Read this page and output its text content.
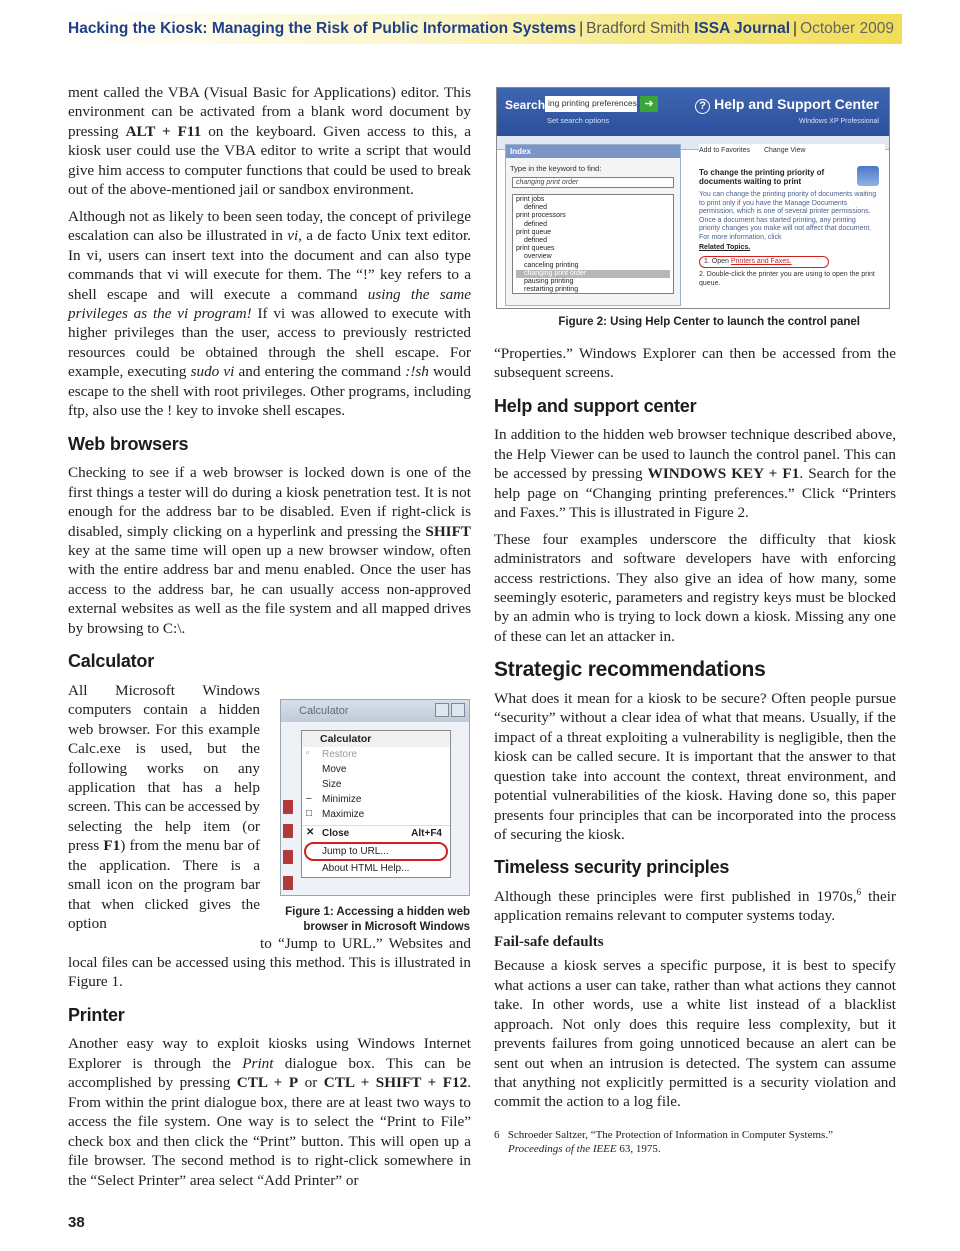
Hacking the Kiosk: Managing the Risk of Public Information Systems | Bradford Smith ISSA Journal | October 2009

ment called the VBA (Visual Basic for Applications) editor. This environment can be activated from a blank word document by pressing ALT + F11 on the keyboard. Given access to this, a kiosk user could use the VBA editor to write a script that would give him access to computer functions that could be used to break out of the above-mentioned jail or sandbox environment.

Although not as likely to been seen today, the concept of privilege escalation can also be illustrated in vi, a de facto Unix text editor. In vi, users can insert text into the document and can also type commands that vi will execute for them. The “!” key refers to a shell escape and will execute a command using the same privileges as the vi program! If vi was allowed to execute with higher privileges than the user, access to previously restricted resources could be obtained through the shell escape. For example, executing sudo vi and entering the command :!sh would escape to the shell with root privileges. Other programs, including ftp, also use the ! key to invoke shell escapes.

Web browsers

Checking to see if a web browser is locked down is one of the first things a tester will do during a kiosk penetration test. It is not enough for the address bar to be disabled. Even if right-click is disabled, simply clicking on a hyperlink and pressing the SHIFT key at the same time will open up a new browser window, often with the entire address bar and menu enabled. Once the user has access to the address bar, he can usually access non-approved external websites as well as the file system and all mapped drives by browsing to C:\.

Calculator

All Microsoft Windows computers contain a hidden web browser. For this example Calc.exe is used, but the following works on any application that has a help screen. This can be accessed by selecting the help item (or press F1) from the menu bar of the application. There is a small icon on the program bar that when clicked gives the option

to “Jump to URL.” Websites and local files can be accessed using this method. This is illustrated in Figure 1.

Printer

Another easy way to exploit kiosks using Windows Internet Explorer is through the Print dialogue box. This can be accomplished by pressing CTL + P or CTL + SHIFT + F12. From within the print dialogue box, there are at least two ways to access the file system. One way is to select the “Print to File” check box and then click the “Print” button. This will open up a file browser. The second method is to right-click somewhere in the “Select Printer” area select “Add Printer” or

Calculator
Calculator
▫ Restore
Move
Size
– Minimize
□ Maximize
✕ Close	Alt+F4
Jump to URL...
About HTML Help...
Figure 1: Accessing a hidden web browser in Microsoft Windows
Search ing printing preferences ➔
Set search options
? Help and Support Center
Windows XP Professional
Index
Type in the keyword to find:
changing print order
print jobs
defined
print processors
defined
print queue
defined
print queues
overview
canceling printing
changing print order
pausing printing
restarting printing
Add to Favorites Change View
To change the printing priority of documents waiting to print
You can change the printing priority of documents waiting to print only if you have the Manage Documents permission, which is one of several printer permissions. Once a document has started printing, any printing priority changes you make will not affect that document. For more information, click
Related Topics.
1. Open Printers and Faxes.
2. Double-click the printer you are using to open the print queue.
Figure 2: Using Help Center to launch the control panel

“Properties.” Windows Explorer can then be accessed from the subsequent screens.

Help and support center

In addition to the hidden web browser technique described above, the Help Viewer can be used to launch the control panel. This can be accessed by pressing WINDOWS KEY + F1. Search for the help page on “Changing printing preferences.” Click “Printers and Faxes.” This is illustrated in Figure 2.

These four examples underscore the difficulty that kiosk administrators and software developers have with enforcing access restrictions. They also give an idea of how many, some seemingly esoteric, parameters and registry keys must be blocked by an admin who is trying to lock down a kiosk. Missing any one of these can let an attacker in.

Strategic recommendations

What does it mean for a kiosk to be secure? Often people pursue “security” without a clear idea of what that means. Usually, if the impact of a threat exploiting a vulnerability is negligible, then the kiosk can be called secure. It is important that the answer to that question take into account the context, threat environment, and potential vulnerabilities of the kiosk. Having done so, this paper presents four principles that can be incorporated into the process of securing the kiosk.

Timeless security principles

Although these principles were first published in 1970s,$^6$ their application remains relevant to computer systems today.

Fail-safe defaults

Because a kiosk serves a specific purpose, it is best to specify what actions a user can take, rather than what actions they cannot take. In other words, use a white list instead of a blacklist approach. Not only does this require less complexity, but it prevents failures from going unnoticed because an alert can be sent out when an intrusion is detected. The system can assume that anything not explicitly permitted is a security violation and commit the action to a log file.

6 Schroeder Saltzer, “The Protection of Information in Computer Systems.”
Proceedings of the IEEE 63, 1975.
38
